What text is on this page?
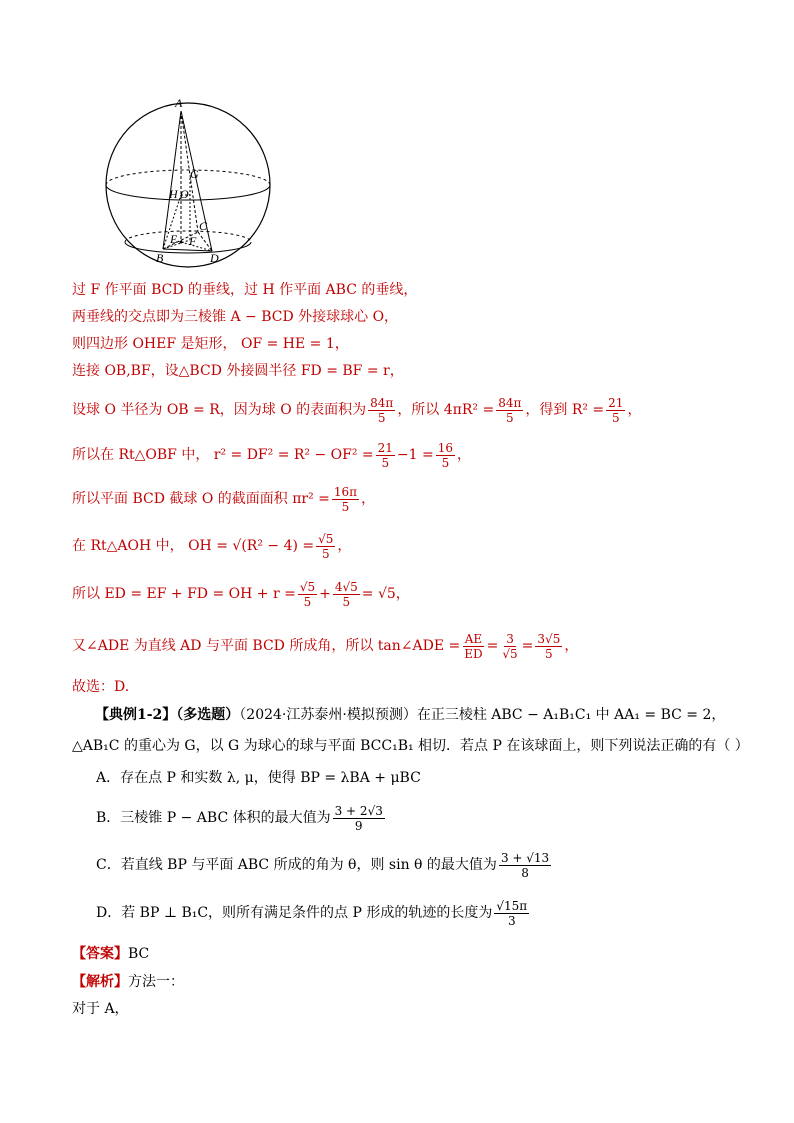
A
G
H O
C
F
E
B	D
过 F 作平面 BCD 的垂线，过 H 作平面 ABC 的垂线，
两垂线的交点即为三棱锥 A − BCD 外接球球心 O，
则四边形 OHEF 是矩形， OF = HE = 1，
连接 OB,BF，设△BCD 外接圆半径 FD = BF = r，
设球 O 半径为 OB = R，因为球 O 的表面积为 $\frac{84\pi}{5}$ ，所以 $4\pi R^2 = \frac{84\pi}{5}$ ，得到 $R^2 = \frac{21}{5}$ ，
所以在 Rt△OBF 中， $r^2 = DF^2 = R^2 - OF^2 = \frac{21}{5} -1 = \frac{16}{5}$ ，
所以平面 BCD 截球 O 的截面面积 $\pi r^2 = \frac{16\pi}{5}$ ，
在 Rt△AOH 中， OH = $√(R^2 - 4) = \frac{√5}{5}$ ，
所以 ED = EF + FD = OH + $r = \frac{√5}{5} + \frac{4√5}{5} = √5$，
又∠ADE 为直线 AD 与平面 BCD 所成角，所以 tan∠ADE = $\frac{AE}{ED} = \frac{3}{√5} = \frac{3√5}{5}$ ，
故选：D.
【典例1-2】（多选题）（2024·江苏泰州·模拟预测）在正三棱柱 ABC − A₁B₁C₁ 中 AA₁ = BC = 2，
△AB₁C 的重心为 G，以 G 为球心的球与平面 BCC₁B₁ 相切．若点 P 在该球面上，则下列说法正确的有（ ）
A．存在点 P 和实数 λ, μ，使得 BP = λBA + μBC
B．三棱锥 P − ABC 体积的最大值为 $\frac{3 + 2√3}{9}$
C．若直线 BP 与平面 ABC 所成的角为 θ，则 sin θ 的最大值为 $\frac{3 + √13}{8}$
D．若 BP ⊥ B₁C，则所有满足条件的点 P 形成的轨迹的长度为 $\frac{√15\pi}{3}$
【答案】BC
【解析】方法一：
对于 A，
